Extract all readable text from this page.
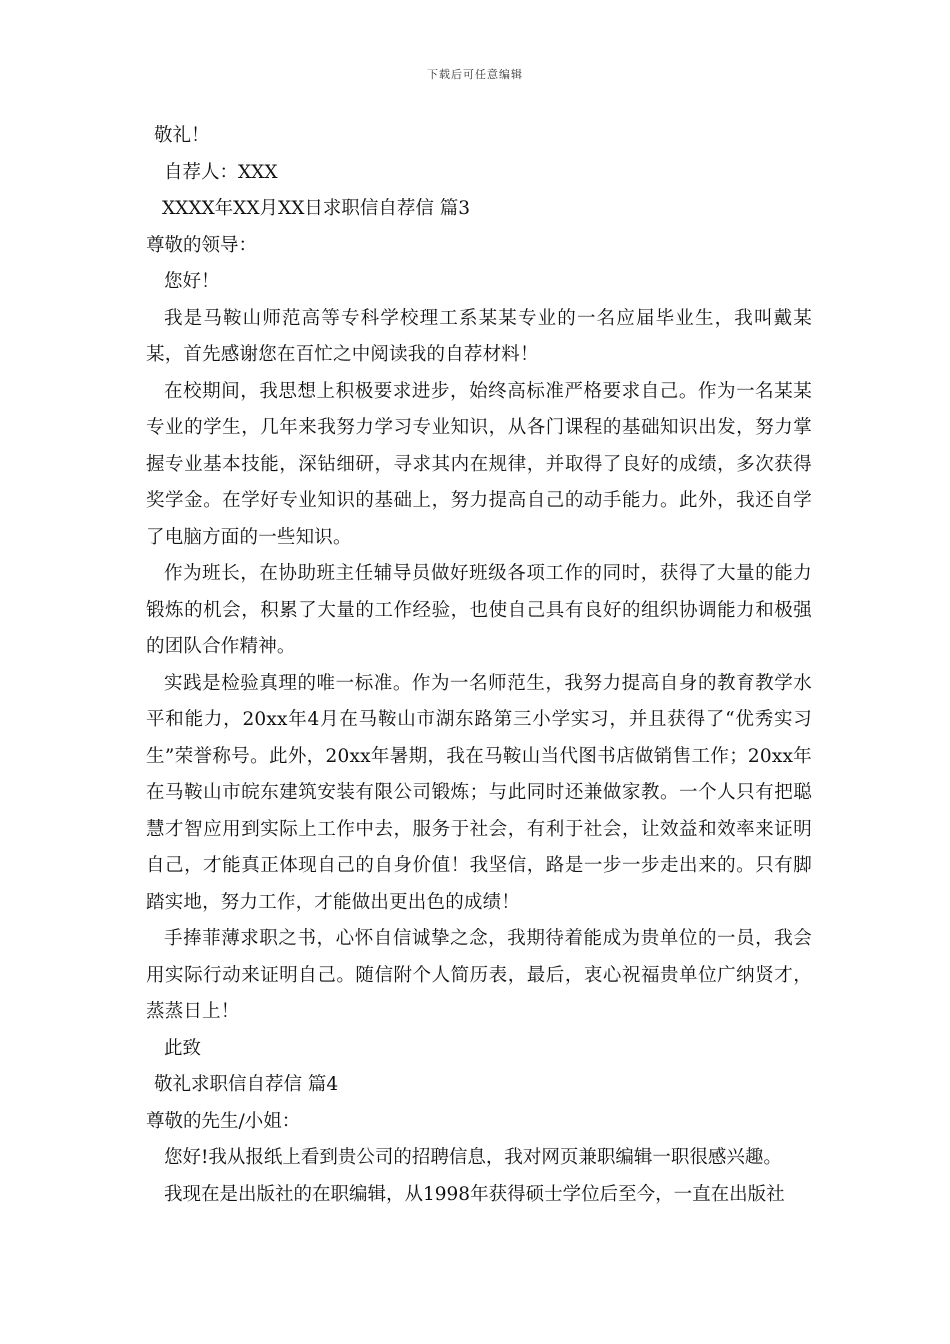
下载后可任意编辑
敬礼！
自荐人：XXX
XXXX年XX月XX日求职信自荐信 篇3
尊敬的领导：
您好！
我是马鞍山师范高等专科学校理工系某某专业的一名应届毕业生，我叫戴某某，首先感谢您在百忙之中阅读我的自荐材料！
在校期间，我思想上积极要求进步，始终高标准严格要求自己。作为一名某某专业的学生，几年来我努力学习专业知识，从各门课程的基础知识出发，努力掌握专业基本技能，深钻细研，寻求其内在规律，并取得了良好的成绩，多次获得奖学金。在学好专业知识的基础上，努力提高自己的动手能力。此外，我还自学了电脑方面的一些知识。
作为班长，在协助班主任辅导员做好班级各项工作的同时，获得了大量的能力锻炼的机会，积累了大量的工作经验，也使自己具有良好的组织协调能力和极强的团队合作精神。
实践是检验真理的唯一标准。作为一名师范生，我努力提高自身的教育教学水平和能力，20xx年4月在马鞍山市湖东路第三小学实习，并且获得了“优秀实习生”荣誉称号。此外，20xx年暑期，我在马鞍山当代图书店做销售工作；20xx年在马鞍山市皖东建筑安装有限公司锻炼；与此同时还兼做家教。一个人只有把聪慧才智应用到实际上工作中去，服务于社会，有利于社会，让效益和效率来证明自己，才能真正体现自己的自身价值！我坚信，路是一步一步走出来的。只有脚踏实地，努力工作，才能做出更出色的成绩！
手捧菲薄求职之书，心怀自信诚挚之念，我期待着能成为贵单位的一员，我会用实际行动来证明自己。随信附个人简历表，最后，衷心祝福贵单位广纳贤才，蒸蒸日上！
此致
敬礼求职信自荐信 篇4
尊敬的先生/小姐：
您好!我从报纸上看到贵公司的招聘信息，我对网页兼职编辑一职很感兴趣。
我现在是出版社的在职编辑，从1998年获得硕士学位后至今，一直在出版社
